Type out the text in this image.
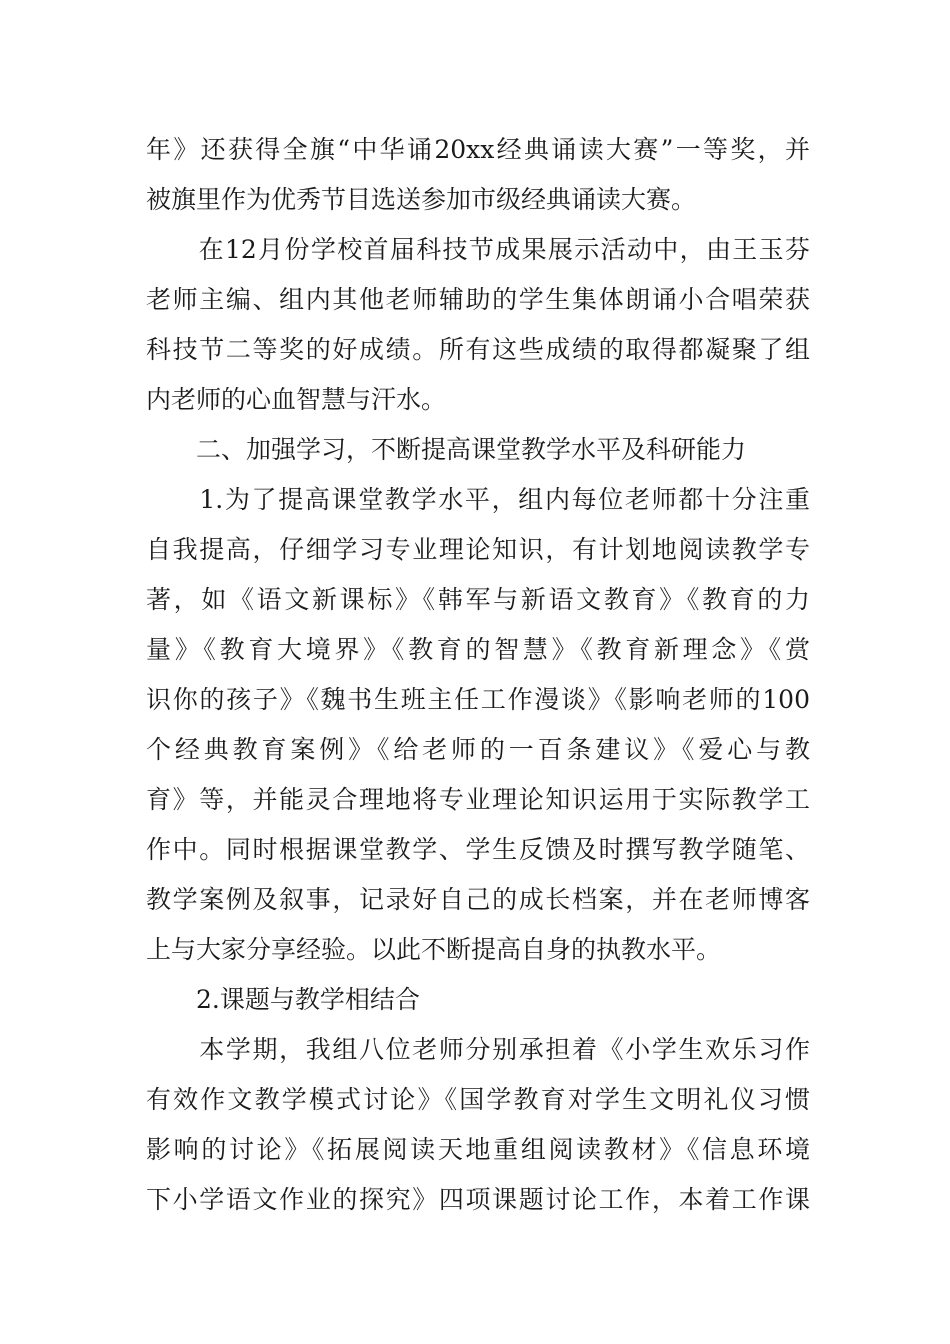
年》还获得全旗“中华诵20xx经典诵读大赛”一等奖，并
被旗里作为优秀节目选送参加市级经典诵读大赛。
　　在12月份学校首届科技节成果展示活动中，由王玉芬
老师主编、组内其他老师辅助的学生集体朗诵小合唱荣获
科技节二等奖的好成绩。所有这些成绩的取得都凝聚了组
内老师的心血智慧与汗水。
　　二、加强学习，不断提高课堂教学水平及科研能力
　　1.为了提高课堂教学水平，组内每位老师都十分注重
自我提高，仔细学习专业理论知识，有计划地阅读教学专
著，如《语文新课标》《韩军与新语文教育》《教育的力
量》《教育大境界》《教育的智慧》《教育新理念》《赏
识你的孩子》《魏书生班主任工作漫谈》《影响老师的100
个经典教育案例》《给老师的一百条建议》《爱心与教
育》等，并能灵合理地将专业理论知识运用于实际教学工
作中。同时根据课堂教学、学生反馈及时撰写教学随笔、
教学案例及叙事，记录好自己的成长档案，并在老师博客
上与大家分享经验。以此不断提高自身的执教水平。
　　2.课题与教学相结合
　　本学期，我组八位老师分别承担着《小学生欢乐习作
有效作文教学模式讨论》《国学教育对学生文明礼仪习惯
影响的讨论》《拓展阅读天地重组阅读教材》《信息环境
下小学语文作业的探究》四项课题讨论工作，本着工作课
